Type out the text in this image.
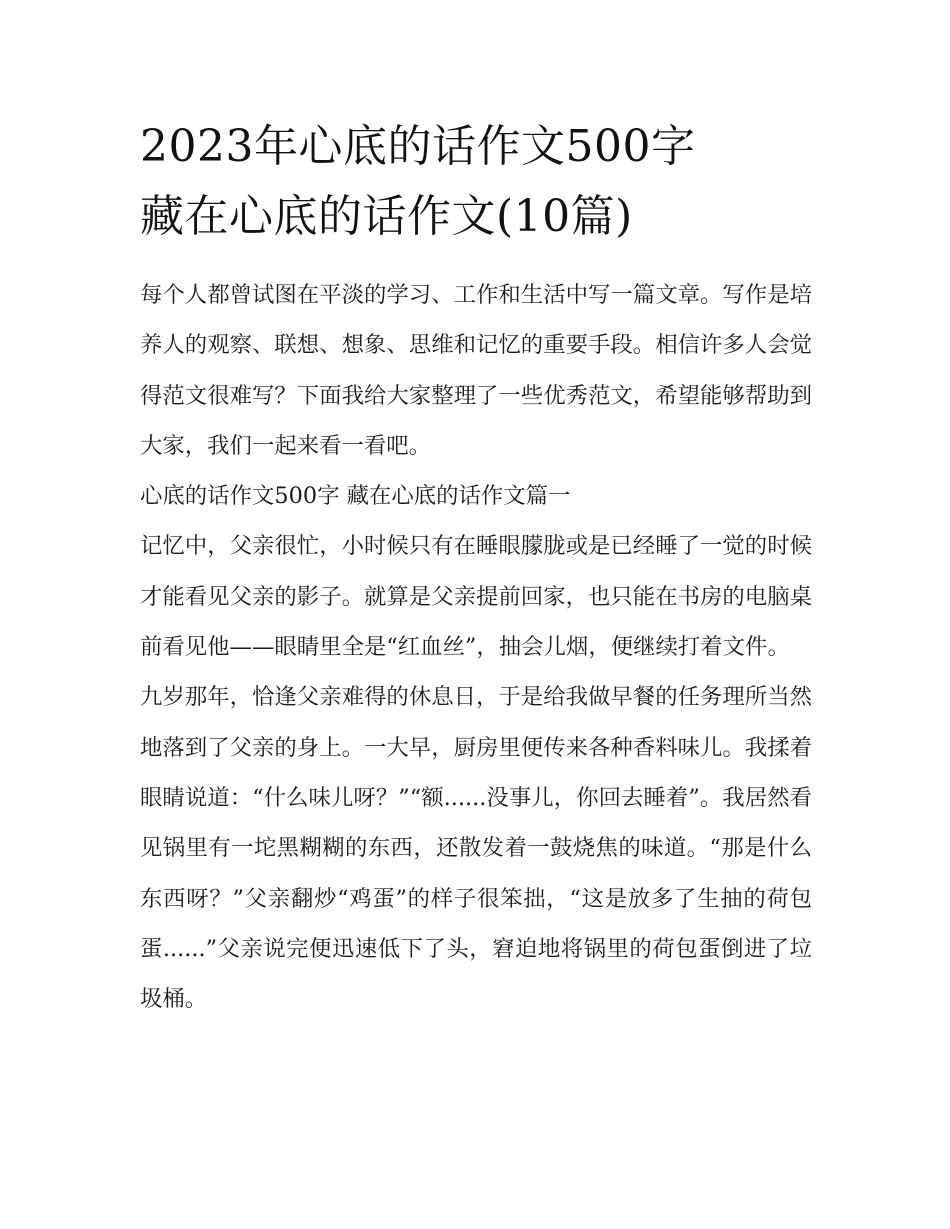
2023年心底的话作文500字
藏在心底的话作文(10篇)

每个人都曾试图在平淡的学习、工作和生活中写一篇文章。写作是培养人的观察、联想、想象、思维和记忆的重要手段。相信许多人会觉得范文很难写？下面我给大家整理了一些优秀范文，希望能够帮助到大家，我们一起来看一看吧。

心底的话作文500字 藏在心底的话作文篇一

记忆中，父亲很忙，小时候只有在睡眼朦胧或是已经睡了一觉的时候才能看见父亲的影子。就算是父亲提前回家，也只能在书房的电脑桌前看见他——眼睛里全是“红血丝”，抽会儿烟，便继续打着文件。

九岁那年，恰逢父亲难得的休息日，于是给我做早餐的任务理所当然地落到了父亲的身上。一大早，厨房里便传来各种香料味儿。我揉着眼睛说道：“什么味儿呀？”“额......没事儿，你回去睡着”。我居然看见锅里有一坨黑糊糊的东西，还散发着一鼓烧焦的味道。“那是什么东西呀？”父亲翻炒“鸡蛋”的样子很笨拙，“这是放多了生抽的荷包蛋......”父亲说完便迅速低下了头，窘迫地将锅里的荷包蛋倒进了垃圾桶。
